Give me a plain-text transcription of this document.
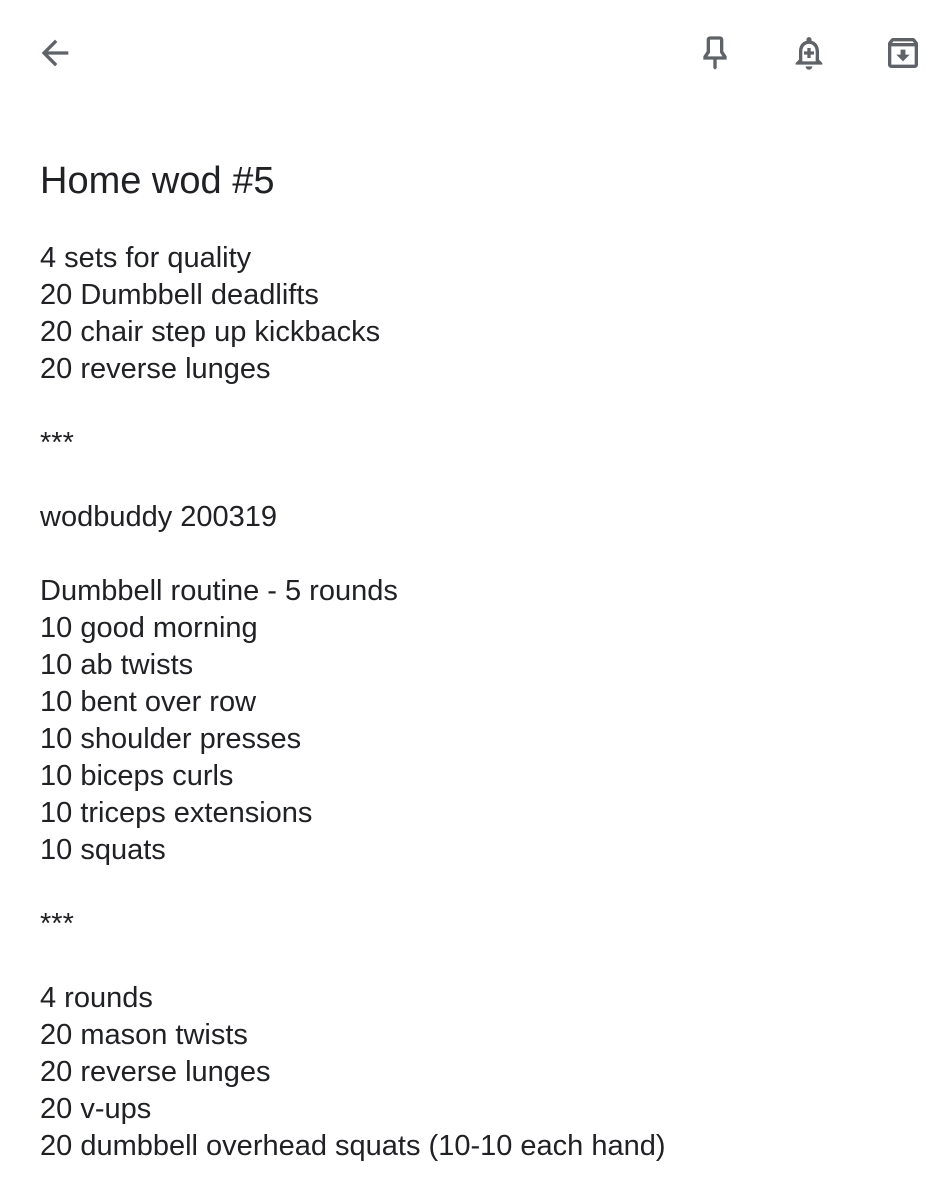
Home wod #5
4 sets for quality
20 Dumbbell deadlifts
20 chair step up kickbacks
20 reverse lunges
***
wodbuddy 200319
Dumbbell routine - 5 rounds
10 good morning
10 ab twists
10 bent over row
10 shoulder presses
10 biceps curls
10 triceps extensions
10 squats
***
4 rounds
20 mason twists
20 reverse lunges
20 v-ups
20 dumbbell overhead squats (10-10 each hand)
